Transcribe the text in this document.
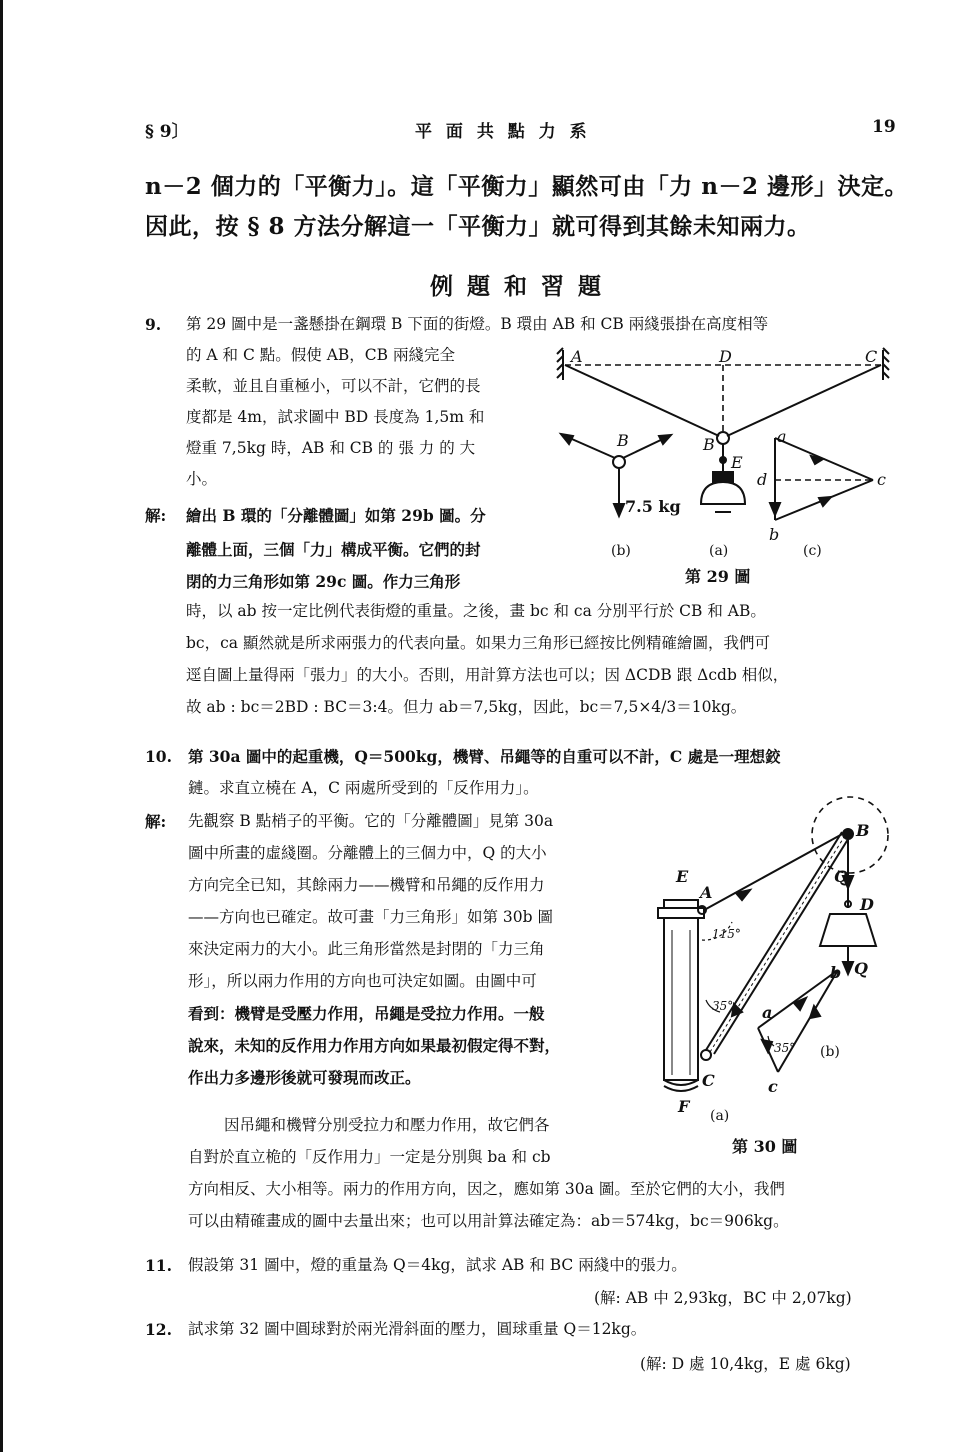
§ 9〕	平 面 共 點 力 系	19
n－2 個力的「平衡力」。這「平衡力」顯然可由「力 n－2 邊形」決定。
因此，按 § 8 方法分解這一「平衡力」就可得到其餘未知兩力。
例題和習題
9. 第 29 圖中是一盞懸掛在鋼環 B 下面的街燈。B 環由 AB 和 CB 兩綫張掛在高度相等
的 A 和 C 點。假使 AB，CB 兩綫完全
柔軟，並且自重極小，可以不計，它們的長
度都是 4m，試求圖中 BD 長度為 1,5m 和
燈重 7,5kg 時，AB 和 CB 的 張 力 的 大
小。
解: 繪出 B 環的「分離體圖」如第 29b 圖。分
離體上面，三個「力」構成平衡。它們的封
閉的力三角形如第 29c 圖。作力三角形
時，以 ab 按一定比例代表街燈的重量。之後，畫 bc 和 ca 分別平行於 CB 和 AB。
bc，ca 顯然就是所求兩張力的代表向量。如果力三角形已經按比例精確繪圖，我們可
逕自圖上量得兩「張力」的大小。否則，用計算方法也可以；因 ΔCDB 跟 Δcdb 相似，
故 ab : bc＝2BD : BC＝3:4。但力 ab＝7,5kg，因此，bc＝7,5×4/3＝10kg。
A	D	C
B
E
B	a
b
c
d
7.5 kg
(b)	(a)	(c)
第 29 圖
10. 第 30a 圖中的起重機，Q＝500kg，機臂、吊繩等的自重可以不計，C 處是一理想鉸
鏈。求直立橈在 A，C 兩處所受到的「反作用力」。
解: 先觀察 B 點梢子的平衡。它的「分離體圖」見第 30a
圖中所畫的虛綫圈。分離體上的三個力中，Q 的大小
方向完全已知，其餘兩力——機臂和吊繩的反作用力
——方向也已確定。故可畫「力三角形」如第 30b 圖
來決定兩力的大小。此三角形當然是封閉的「力三角
形」，所以兩力作用的方向也可決定如圖。由圖中可
看到：機臂是受壓力作用，吊繩是受拉力作用。一般
說來，未知的反作用力作用方向如果最初假定得不對，
作出力多邊形後就可發現而改正。
因吊繩和機臂分別受拉力和壓力作用，故它們各
自對於直立桅的「反作用力」一定是分別與 ba 和 cb
方向相反、大小相等。兩力的作用方向，因之，應如第 30a 圖。至於它們的大小，我們
可以由精確畫成的圖中去量出來；也可以用計算法確定為：ab＝574kg，bc＝906kg。
B
E
A
C
F
D
Q
Q
b
a
c
115°
35°
35°
(a)
(b)
第 30 圖
11. 假設第 31 圖中，燈的重量為 Q＝4kg，試求 AB 和 BC 兩綫中的張力。
(解: AB 中 2,93kg，BC 中 2,07kg)
12. 試求第 32 圖中圓球對於兩光滑斜面的壓力，圓球重量 Q＝12kg。
(解: D 處 10,4kg，E 處 6kg)
